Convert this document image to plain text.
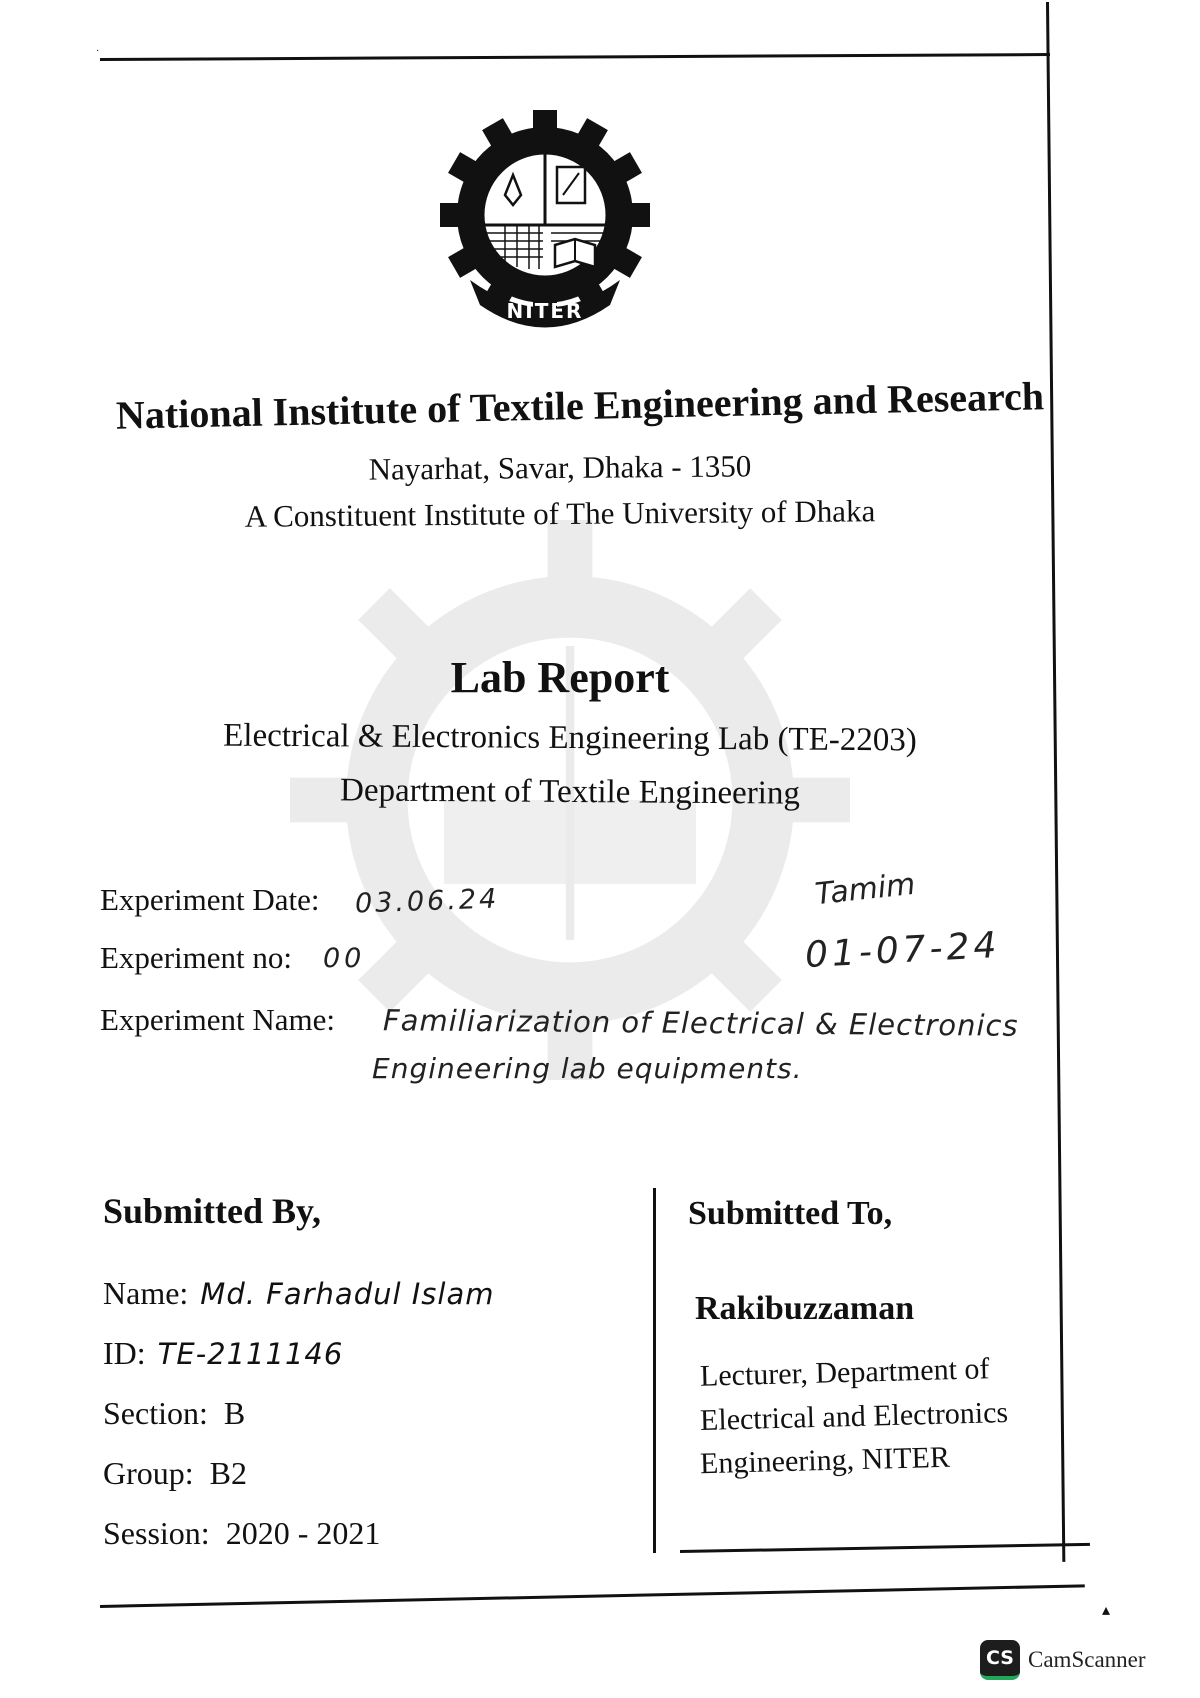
·
NITER
National Institute of Textile Engineering and Research
Nayarhat, Savar, Dhaka - 1350
A Constituent Institute of The University of Dhaka
Lab Report
Electrical & Electronics Engineering Lab (TE-2203)
Department of Textile Engineering
Experiment Date:	03.06.24
Experiment no:	00
Experiment Name:	Familiarization of Electrical & Electronics
Engineering lab equipments.
Tamim
01-07-24
Submitted By,
Name: Md. Farhadul Islam
ID: TE-2111146
Section: B
Group: B2
Session: 2020 - 2021
Submitted To,
Rakibuzzaman
Lecturer, Department of
Electrical and Electronics
Engineering, NITER
▴
CS CamScanner
